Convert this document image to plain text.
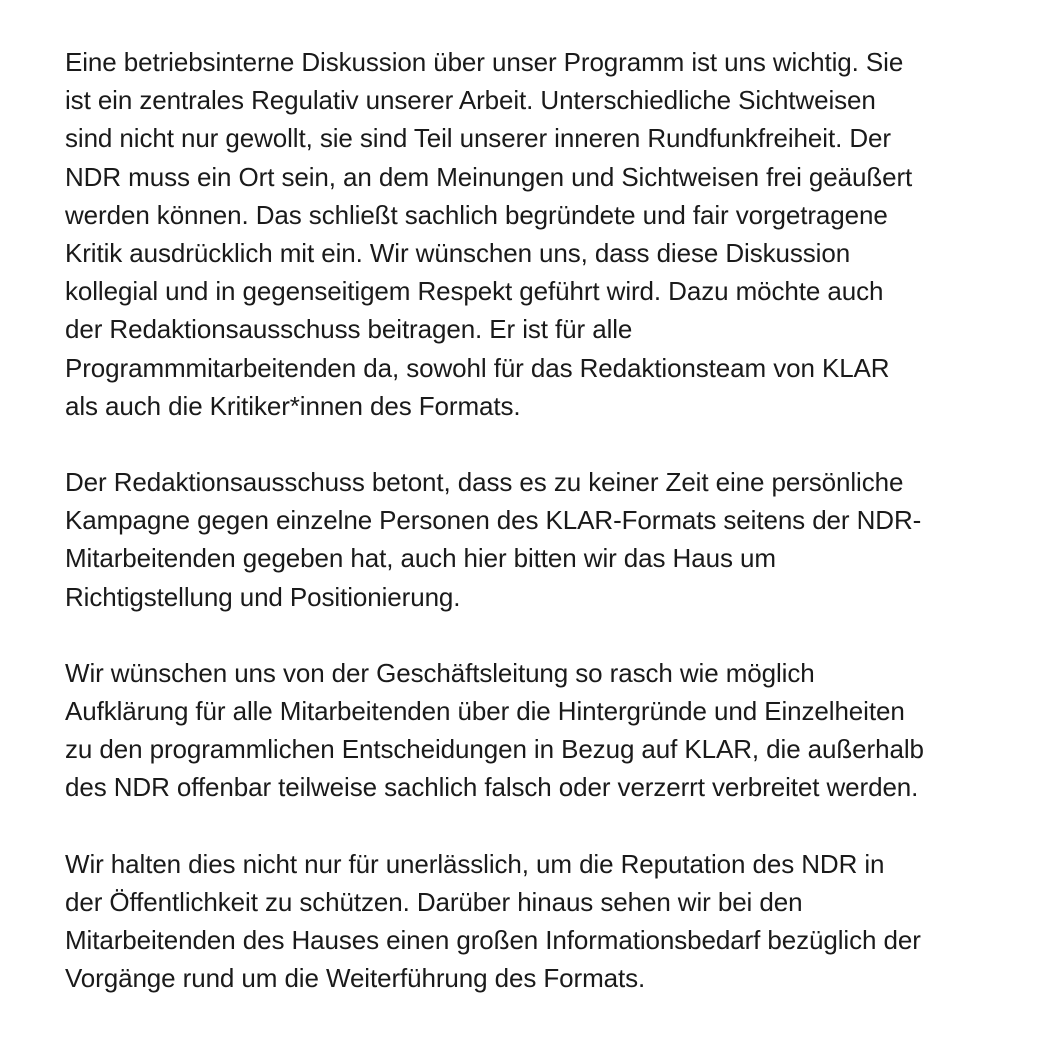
Eine betriebsinterne Diskussion über unser Programm ist uns wichtig. Sie
ist ein zentrales Regulativ unserer Arbeit. Unterschiedliche Sichtweisen
sind nicht nur gewollt, sie sind Teil unserer inneren Rundfunkfreiheit. Der
NDR muss ein Ort sein, an dem Meinungen und Sichtweisen frei geäußert
werden können. Das schließt sachlich begründete und fair vorgetragene
Kritik ausdrücklich mit ein. Wir wünschen uns, dass diese Diskussion
kollegial und in gegenseitigem Respekt geführt wird. Dazu möchte auch
der Redaktionsausschuss beitragen. Er ist für alle
Programmmitarbeitenden da, sowohl für das Redaktionsteam von KLAR
als auch die Kritiker*innen des Formats.

Der Redaktionsausschuss betont, dass es zu keiner Zeit eine persönliche
Kampagne gegen einzelne Personen des KLAR-Formats seitens der NDR-
Mitarbeitenden gegeben hat, auch hier bitten wir das Haus um
Richtigstellung und Positionierung.

Wir wünschen uns von der Geschäftsleitung so rasch wie möglich
Aufklärung für alle Mitarbeitenden über die Hintergründe und Einzelheiten
zu den programmlichen Entscheidungen in Bezug auf KLAR, die außerhalb
des NDR offenbar teilweise sachlich falsch oder verzerrt verbreitet werden.

Wir halten dies nicht nur für unerlässlich, um die Reputation des NDR in
der Öffentlichkeit zu schützen. Darüber hinaus sehen wir bei den
Mitarbeitenden des Hauses einen großen Informationsbedarf bezüglich der
Vorgänge rund um die Weiterführung des Formats.
